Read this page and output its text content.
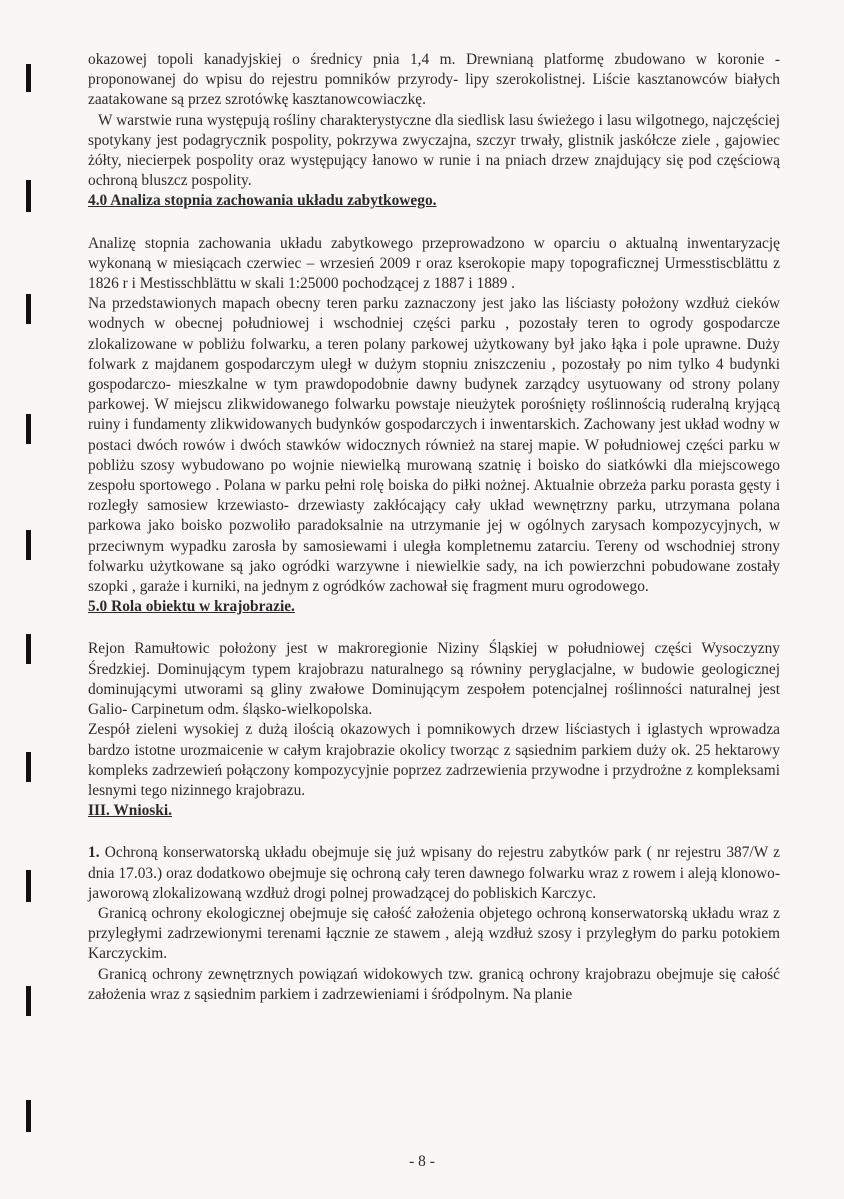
okazowej topoli kanadyjskiej o średnicy pnia 1,4 m. Drewnianą platformę zbudowano w koronie - proponowanej do wpisu do rejestru pomników przyrody- lipy szerokolistnej. Liście kasztanowców białych zaatakowane są przez szrotówkę kasztanowcowiaczkę.

W warstwie runa występują rośliny charakterystyczne dla siedlisk lasu świeżego i lasu wilgotnego, najczęściej spotykany jest podagrycznik pospolity, pokrzywa zwyczajna, szczyr trwały, glistnik jaskółcze ziele , gajowiec żółty, niecierpek pospolity oraz występujący łanowo w runie i na pniach drzew znajdujący się pod częściową ochroną bluszcz pospolity.

4.0 Analiza stopnia zachowania układu zabytkowego.

Analizę stopnia zachowania układu zabytkowego przeprowadzono w oparciu o aktualną inwentaryzację wykonaną w miesiącach czerwiec – wrzesień 2009 r oraz kserokopie mapy topograficznej Urmesstiscblättu z 1826 r i Mestisschblättu w skali 1:25000 pochodzącej z 1887 i 1889 .

Na przedstawionych mapach obecny teren parku zaznaczony jest jako las liściasty położony wzdłuż cieków wodnych w obecnej południowej i wschodniej części parku , pozostały teren to ogrody gospodarcze zlokalizowane w pobliżu folwarku, a teren polany parkowej użytkowany był jako łąka i pole uprawne. Duży folwark z majdanem gospodarczym uległ w dużym stopniu zniszczeniu , pozostały po nim tylko 4 budynki gospodarczo- mieszkalne w tym prawdopodobnie dawny budynek zarządcy usytuowany od strony polany parkowej. W miejscu zlikwidowanego folwarku powstaje nieużytek porośnięty roślinnością ruderalną kryjącą ruiny i fundamenty zlikwidowanych budynków gospodarczych i inwentarskich. Zachowany jest układ wodny w postaci dwóch rowów i dwóch stawków widocznych również na starej mapie. W południowej części parku w pobliżu szosy wybudowano po wojnie niewielką murowaną szatnię i boisko do siatkówki dla miejscowego zespołu sportowego . Polana w parku pełni rolę boiska do piłki nożnej. Aktualnie obrzeża parku porasta gęsty i rozległy samosiew krzewiasto- drzewiasty zakłócający cały układ wewnętrzny parku, utrzymana polana parkowa jako boisko pozwoliło paradoksalnie na utrzymanie jej w ogólnych zarysach kompozycyjnych, w przeciwnym wypadku zarosła by samosiewami i uległa kompletnemu zatarciu. Tereny od wschodniej strony folwarku użytkowane są jako ogródki warzywne i niewielkie sady, na ich powierzchni pobudowane zostały szopki , garaże i kurniki, na jednym z ogródków zachował się fragment muru ogrodowego.

5.0 Rola obiektu w krajobrazie.

Rejon Ramułtowic położony jest w makroregionie Niziny Śląskiej w południowej części Wysoczyzny Średzkiej. Dominującym typem krajobrazu naturalnego są równiny peryglacjalne, w budowie geologicznej dominującymi utworami są gliny zwałowe Dominującym zespołem potencjalnej roślinności naturalnej jest Galio- Carpinetum odm. śląsko-wielkopolska.

Zespół zieleni wysokiej z dużą ilością okazowych i pomnikowych drzew liściastych i iglastych wprowadza bardzo istotne urozmaicenie w całym krajobrazie okolicy tworząc z sąsiednim parkiem duży ok. 25 hektarowy kompleks zadrzewień połączony kompozycyjnie poprzez zadrzewienia przywodne i przydrożne z kompleksami lesnymi tego nizinnego krajobrazu.

III. Wnioski.

1. Ochroną konserwatorską układu obejmuje się już wpisany do rejestru zabytków park ( nr rejestru 387/W z dnia 17.03.) oraz dodatkowo obejmuje się ochroną cały teren dawnego folwarku wraz z rowem i aleją klonowo- jaworową zlokalizowaną wzdłuż drogi polnej prowadzącej do pobliskich Karczyc.

Granicą ochrony ekologicznej obejmuje się całość założenia objetego ochroną konserwatorską układu wraz z przyległymi zadrzewionymi terenami łącznie ze stawem , aleją wzdłuż szosy i przyległym do parku potokiem Karczyckim.

Granicą ochrony zewnętrznych powiązań widokowych tzw. granicą ochrony krajobrazu obejmuje się całość założenia wraz z sąsiednim parkiem i zadrzewieniami i śródpolnym. Na planie

- 8 -
